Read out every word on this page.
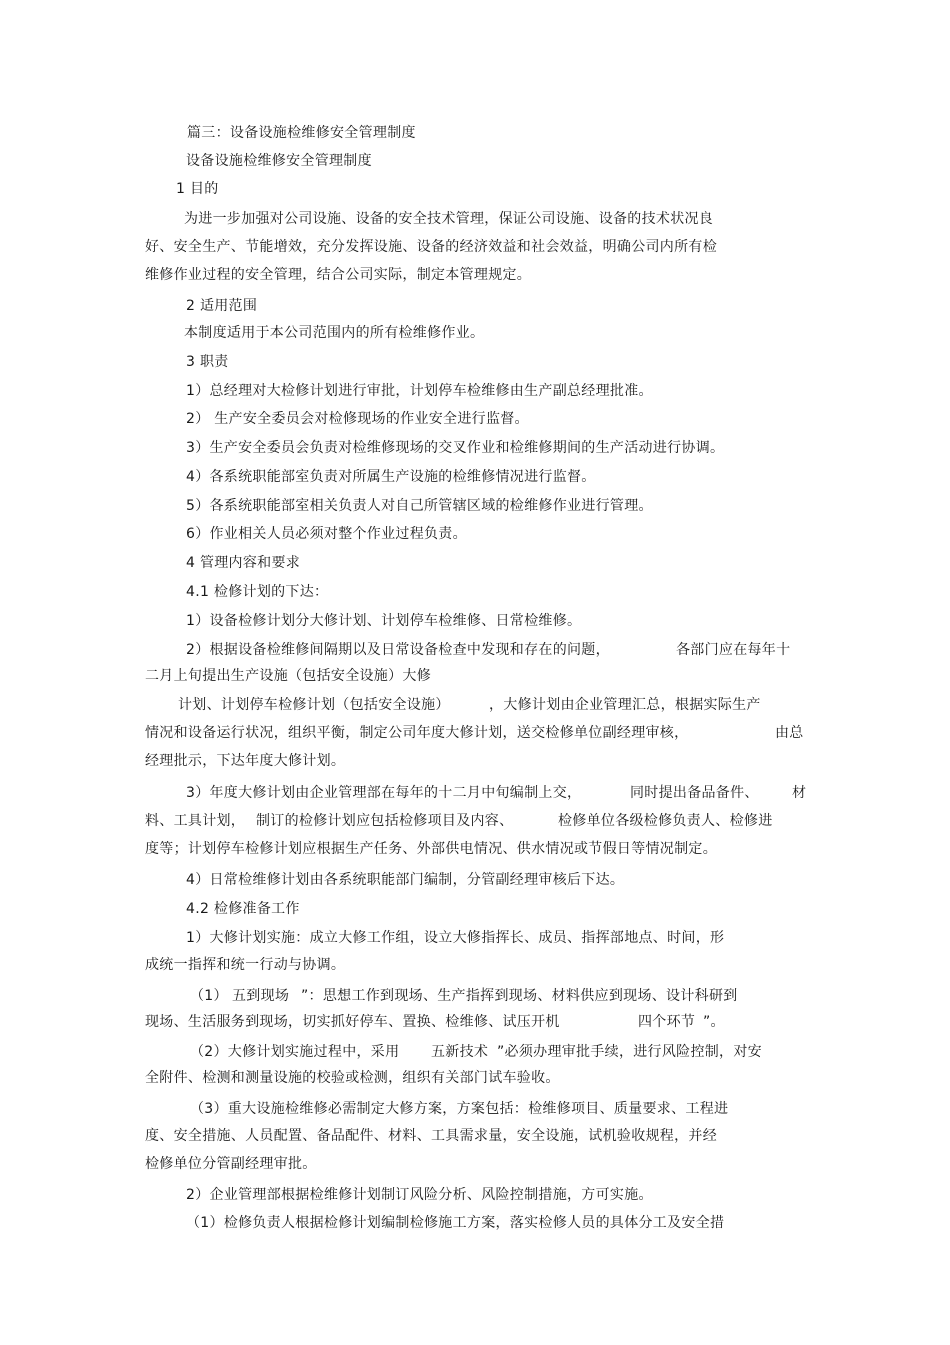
篇三：设备设施检维修安全管理制度
设备设施检维修安全管理制度
1 目的
为进一步加强对公司设施、设备的安全技术管理，保证公司设施、设备的技术状况良
好、安全生产、节能增效，充分发挥设施、设备的经济效益和社会效益，明确公司内所有检
维修作业过程的安全管理，结合公司实际，制定本管理规定。
2 适用范围
本制度适用于本公司范围内的所有检维修作业。
3 职责
1）总经理对大检修计划进行审批，计划停车检维修由生产副总经理批准。
2） 生产安全委员会对检修现场的作业安全进行监督。
3）生产安全委员会负责对检维修现场的交叉作业和检维修期间的生产活动进行协调。
4）各系统职能部室负责对所属生产设施的检维修情况进行监督。
5）各系统职能部室相关负责人对自己所管辖区域的检维修作业进行管理。
6）作业相关人员必须对整个作业过程负责。
4 管理内容和要求
4.1 检修计划的下达：
1）设备检修计划分大修计划、计划停车检维修、日常检维修。
2）根据设备检维修间隔期以及日常设备检查中发现和存在的问题，	各部门应在每年十
二月上旬提出生产设施（包括安全设施）大修
计划、计划停车检修计划（包括安全设施）	，大修计划由企业管理汇总，根据实际生产
情况和设备运行状况，组织平衡，制定公司年度大修计划，送交检修单位副经理审核，	由总
经理批示，下达年度大修计划。
3）年度大修计划由企业管理部在每年的十二月中旬编制上交，	同时提出备品备件、 材
料、工具计划， 制订的检修计划应包括检修项目及内容、	检修单位各级检修负责人、检修进
度等；计划停车检修计划应根据生产任务、外部供电情况、供水情况或节假日等情况制定。
4）日常检维修计划由各系统职能部门编制，分管副经理审核后下达。
4.2 检修准备工作
1）大修计划实施：成立大修工作组，设立大修指挥长、成员、指挥部地点、时间，形
成统一指挥和统一行动与协调。
（1） 五到现场 ”：思想工作到现场、生产指挥到现场、材料供应到现场、设计科研到
现场、生活服务到现场，切实抓好停车、置换、检维修、试压开机	四个环节 ”。
（2）大修计划实施过程中，采用 五新技术 ”必须办理审批手续，进行风险控制，对安
全附件、检测和测量设施的校验或检测，组织有关部门试车验收。
（3）重大设施检维修必需制定大修方案，方案包括：检维修项目、质量要求、工程进
度、安全措施、人员配置、备品配件、材料、工具需求量，安全设施，试机验收规程，并经
检修单位分管副经理审批。
2）企业管理部根据检维修计划制订风险分析、风险控制措施，方可实施。
（1）检修负责人根据检修计划编制检修施工方案，落实检修人员的具体分工及安全措
